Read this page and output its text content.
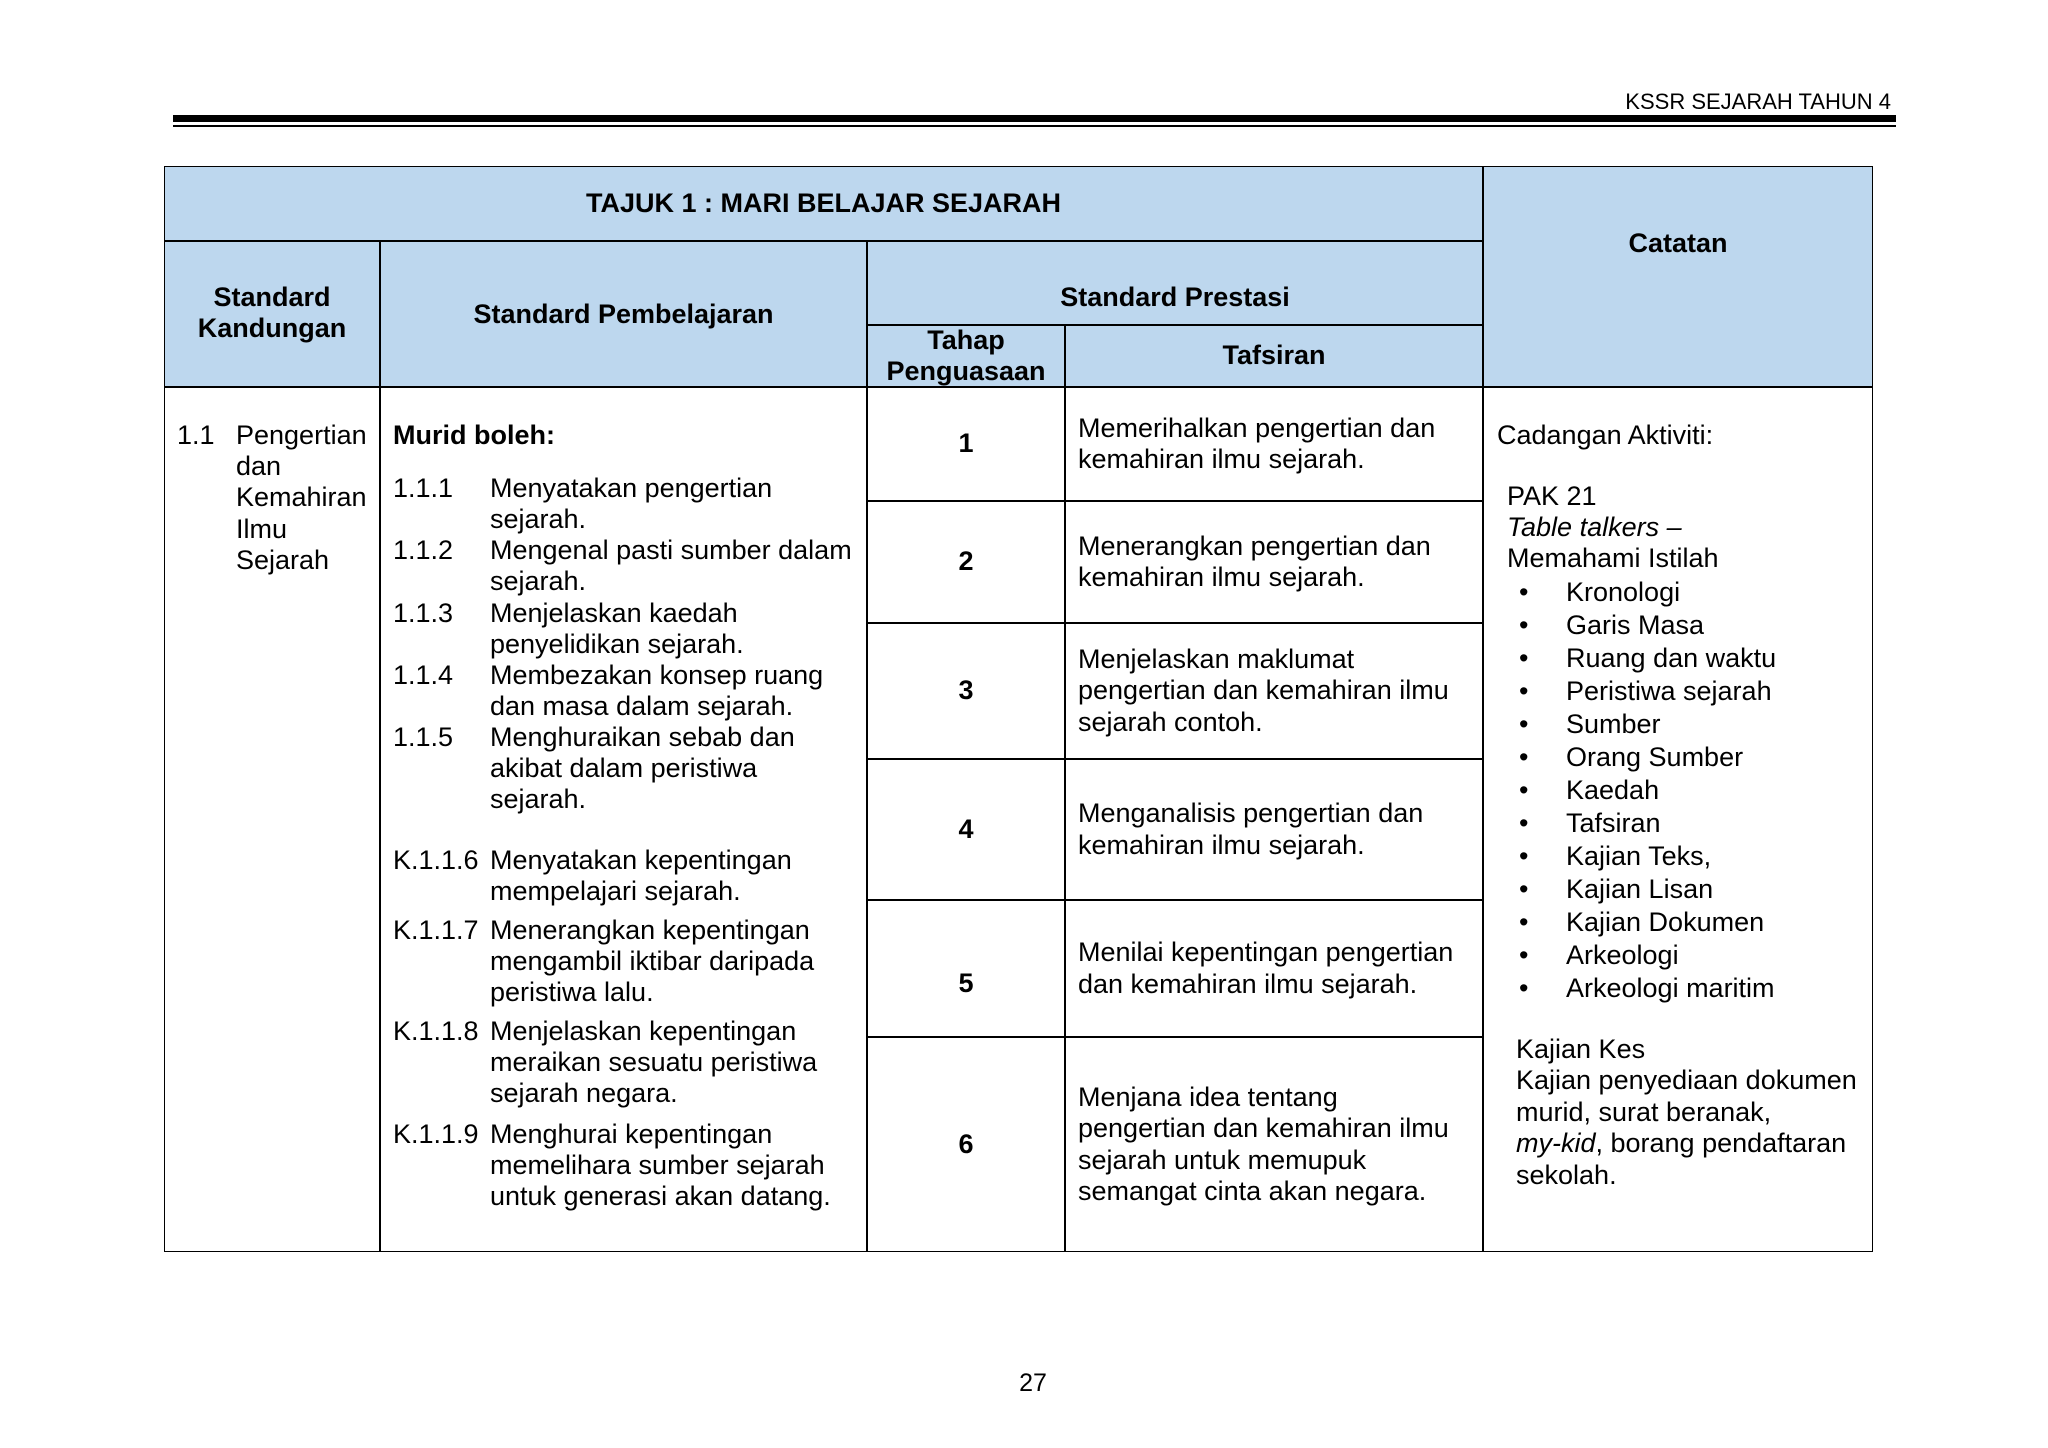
KSSR SEJARAH TAHUN 4
TAJUK 1 : MARI BELAJAR SEJARAH
Catatan
Standard
Kandungan	Standard Pembelajaran
Standard Prestasi
Tahap
Penguasaan
Tafsiran
1.1 Pengertian
dan
Kemahiran
Ilmu
Sejarah
Murid boleh:
1.1.1 Menyatakan pengertian
sejarah.
1.1.2 Mengenal pasti sumber dalam
sejarah.
1.1.3 Menjelaskan kaedah
penyelidikan sejarah.
1.1.4 Membezakan konsep ruang
dan masa dalam sejarah.
1.1.5 Menghuraikan sebab dan
akibat dalam peristiwa
sejarah.
K.1.1.6 Menyatakan kepentingan
mempelajari sejarah.
K.1.1.7 Menerangkan kepentingan
mengambil iktibar daripada
peristiwa lalu.
K.1.1.8 Menjelaskan kepentingan
meraikan sesuatu peristiwa
sejarah negara.
K.1.1.9 Menghurai kepentingan
memelihara sumber sejarah
untuk generasi akan datang.
1
2
3
4
5
6
Memerihalkan pengertian dan
kemahiran ilmu sejarah.
Menerangkan pengertian dan
kemahiran ilmu sejarah.
Menjelaskan maklumat
pengertian dan kemahiran ilmu
sejarah contoh.
Menganalisis pengertian dan
kemahiran ilmu sejarah.
Menilai kepentingan pengertian
dan kemahiran ilmu sejarah.
Menjana idea tentang
pengertian dan kemahiran ilmu
sejarah untuk memupuk
semangat cinta akan negara.
Cadangan Aktiviti:
PAK 21
Table talkers –
Memahami Istilah
•
Kronologi
•
Garis Masa
•
Ruang dan waktu
•
Peristiwa sejarah
•
Sumber
•
Orang Sumber
•
Kaedah
•
Tafsiran
•
Kajian Teks,
•
Kajian Lisan
•
Kajian Dokumen
•
Arkeologi
•
Arkeologi maritim
Kajian Kes
Kajian penyediaan dokumen
murid, surat beranak,
my-kid, borang pendaftaran
sekolah.
27
